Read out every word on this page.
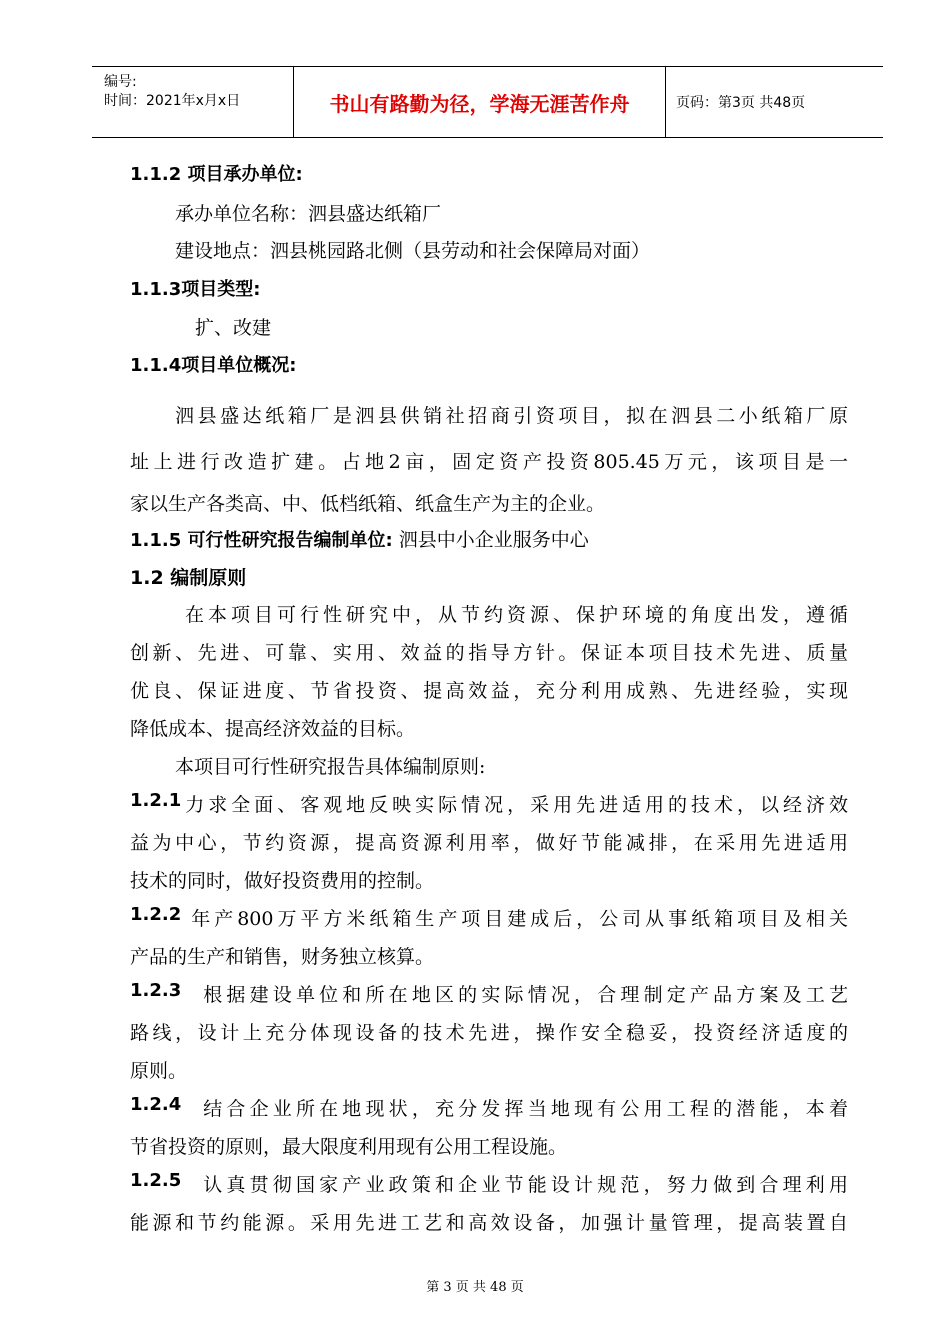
编号:
时间：2021年x月x日	书山有路勤为径，学海无涯苦作舟	页码：第3页 共48页
1.1.2 项目承办单位:
承办单位名称：泗县盛达纸箱厂
建设地点：泗县桃园路北侧（县劳动和社会保障局对面）
1.1.3项目类型:
扩、改建
1.1.4项目单位概况:
泗县盛达纸箱厂是泗县供销社招商引资项目，拟在泗县二小纸箱厂原
址上进行改造扩建。占地2亩，固定资产投资805.45万元，该项目是一
家以生产各类高、中、低档纸箱、纸盒生产为主的企业。
1.1.5 可行性研究报告编制单位: 泗县中小企业服务中心
1.2 编制原则
在本项目可行性研究中，从节约资源、保护环境的角度出发，遵循
创新、先进、可靠、实用、效益的指导方针。保证本项目技术先进、质量
优良、保证进度、节省投资、提高效益，充分利用成熟、先进经验，实现
降低成本、提高经济效益的目标。
本项目可行性研究报告具体编制原则:
1.2.1 力求全面、客观地反映实际情况，采用先进适用的技术，以经济效
益为中心，节约资源，提高资源利用率，做好节能减排，在采用先进适用
技术的同时，做好投资费用的控制。
1.2.2 年产800万平方米纸箱生产项目建成后，公司从事纸箱项目及相关
产品的生产和销售，财务独立核算。
1.2.3 根据建设单位和所在地区的实际情况，合理制定产品方案及工艺
路线，设计上充分体现设备的技术先进，操作安全稳妥，投资经济适度的
原则。
1.2.4 结合企业所在地现状，充分发挥当地现有公用工程的潜能，本着
节省投资的原则，最大限度利用现有公用工程设施。
1.2.5 认真贯彻国家产业政策和企业节能设计规范，努力做到合理利用
能源和节约能源。采用先进工艺和高效设备，加强计量管理，提高装置自
第 3 页 共 48 页
